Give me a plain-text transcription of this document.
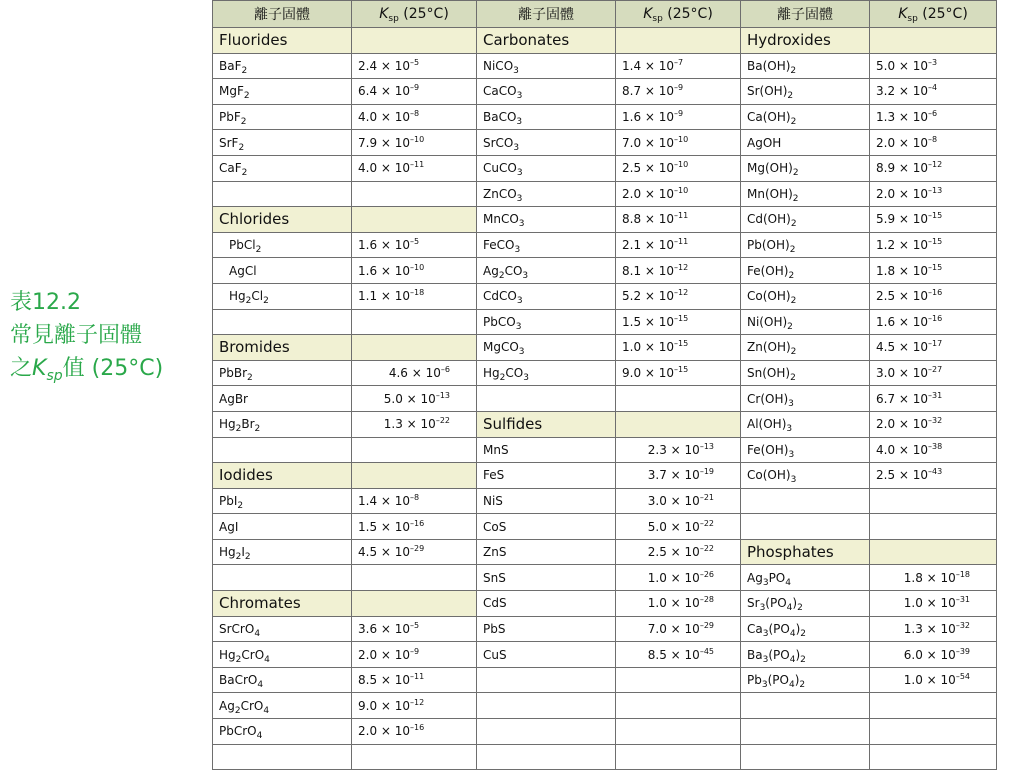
表12.2
常見離子固體
之$K_{sp}$值 (25°C)
離子固體	$K_{sp}$ (25°C)	離子固體	$K_{sp}$ (25°C)	離子固體	$K_{sp}$ (25°C)
Fluorides		Carbonates		Hydroxides	
BaF$_2$	$2.4 \times 10^{-5}$	NiCO$_3$	$1.4 \times 10^{-7}$	$Ba(OH)_2$	$5.0 \times 10^{-3}$
MgF$_2$	$6.4 \times 10^{-9}$	CaCO$_3$	$8.7 \times 10^{-9}$	$Sr(OH)_2$	$3.2 \times 10^{-4}$
PbF$_2$	$4.0 \times 10^{-8}$	BaCO$_3$	$1.6 \times 10^{-9}$	$Ca(OH)_2$	$1.3 \times 10^{-6}$
SrF$_2$	$7.9 \times 10^{-10}$	SrCO$_3$	$7.0 \times 10^{-10}$	AgOH	$2.0 \times 10^{-8}$
CaF$_2$	$4.0 \times 10^{-11}$	CuCO$_3$	$2.5 \times 10^{-10}$	$Mg(OH)_2$	$8.9 \times 10^{-12}$
		ZnCO$_3$	$2.0 \times 10^{-10}$	$Mn(OH)_2$	$2.0 \times 10^{-13}$
Chlorides		MnCO$_3$	$8.8 \times 10^{-11}$	$Cd(OH)_2$	$5.9 \times 10^{-15}$
PbCl$_2$	$1.6 \times 10^{-5}$	FeCO$_3$	$2.1 \times 10^{-11}$	$Pb(OH)_2$	$1.2 \times 10^{-15}$
AgCl	$1.6 \times 10^{-10}$	$Ag_2CO_3$	$8.1 \times 10^{-12}$	$Fe(OH)_2$	$1.8 \times 10^{-15}$
$Hg_2Cl_2$	$1.1 \times 10^{-18}$	CdCO$_3$	$5.2 \times 10^{-12}$	$Co(OH)_2$	$2.5 \times 10^{-16}$
		PbCO$_3$	$1.5 \times 10^{-15}$	$Ni(OH)_2$	$1.6 \times 10^{-16}$
Bromides		MgCO$_3$	$1.0 \times 10^{-15}$	$Zn(OH)_2$	$4.5 \times 10^{-17}$
PbBr$_2$	$4.6 \times 10^{-6}$	$Hg_2CO_3$	$9.0 \times 10^{-15}$	$Sn(OH)_2$	$3.0 \times 10^{-27}$
AgBr	$5.0 \times 10^{-13}$			$Cr(OH)_3$	$6.7 \times 10^{-31}$
$Hg_2Br_2$	$1.3 \times 10^{-22}$	Sulfides		$Al(OH)_3$	$2.0 \times 10^{-32}$
		MnS	$2.3 \times 10^{-13}$	$Fe(OH)_3$	$4.0 \times 10^{-38}$
Iodides		FeS	$3.7 \times 10^{-19}$	$Co(OH)_3$	$2.5 \times 10^{-43}$
PbI$_2$	$1.4 \times 10^{-8}$	NiS	$3.0 \times 10^{-21}$		
AgI	$1.5 \times 10^{-16}$	CoS	$5.0 \times 10^{-22}$		
$Hg_2I_2$	$4.5 \times 10^{-29}$	ZnS	$2.5 \times 10^{-22}$	Phosphates	
		SnS	$1.0 \times 10^{-26}$	$Ag_3PO_4$	$1.8 \times 10^{-18}$
Chromates		CdS	$1.0 \times 10^{-28}$	$Sr_3(PO_4)_2$	$1.0 \times 10^{-31}$
SrCrO$_4$	$3.6 \times 10^{-5}$	PbS	$7.0 \times 10^{-29}$	$Ca_3(PO_4)_2$	$1.3 \times 10^{-32}$
$Hg_2CrO_4$	$2.0 \times 10^{-9}$	CuS	$8.5 \times 10^{-45}$	$Ba_3(PO_4)_2$	$6.0 \times 10^{-39}$
BaCrO$_4$	$8.5 \times 10^{-11}$			$Pb_3(PO_4)_2$	$1.0 \times 10^{-54}$
$Ag_2CrO_4$	$9.0 \times 10^{-12}$				
PbCrO$_4$	$2.0 \times 10^{-16}$				
